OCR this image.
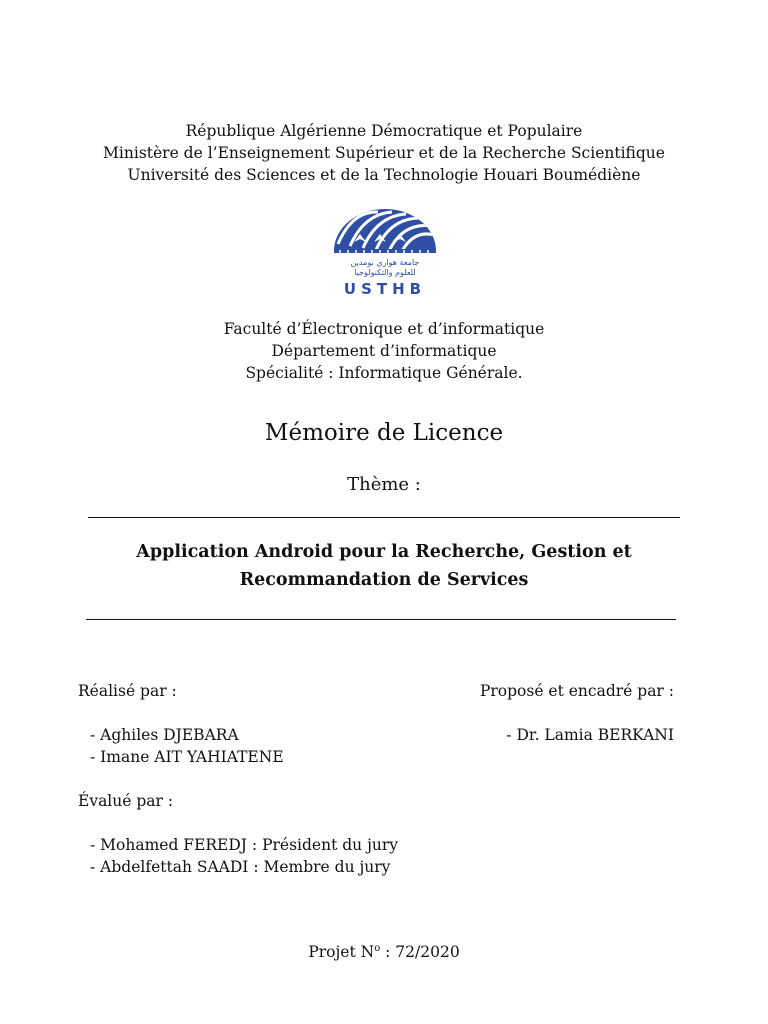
République Algérienne Démocratique et Populaire
Ministère de l’Enseignement Supérieur et de la Recherche Scientifique
Université des Sciences et de la Technologie Houari Boumédiène
جامعة هواري بومدين
للعلوم والتكنولوجيا
USTHB
Faculté d’Électronique et d’informatique
Département d’informatique
Spécialité : Informatique Générale.
Mémoire de Licence
Thème :
Application Android pour la Recherche, Gestion et
Recommandation de Services
Réalisé par :	Proposé et encadré par :
- Aghiles DJEBARA
- Imane AIT YAHIATENE
- Dr. Lamia BERKANI
Évalué par :
- Mohamed FEREDJ : Président du jury
- Abdelfettah SAADI : Membre du jury
Projet $N^o$ : 72/2020
